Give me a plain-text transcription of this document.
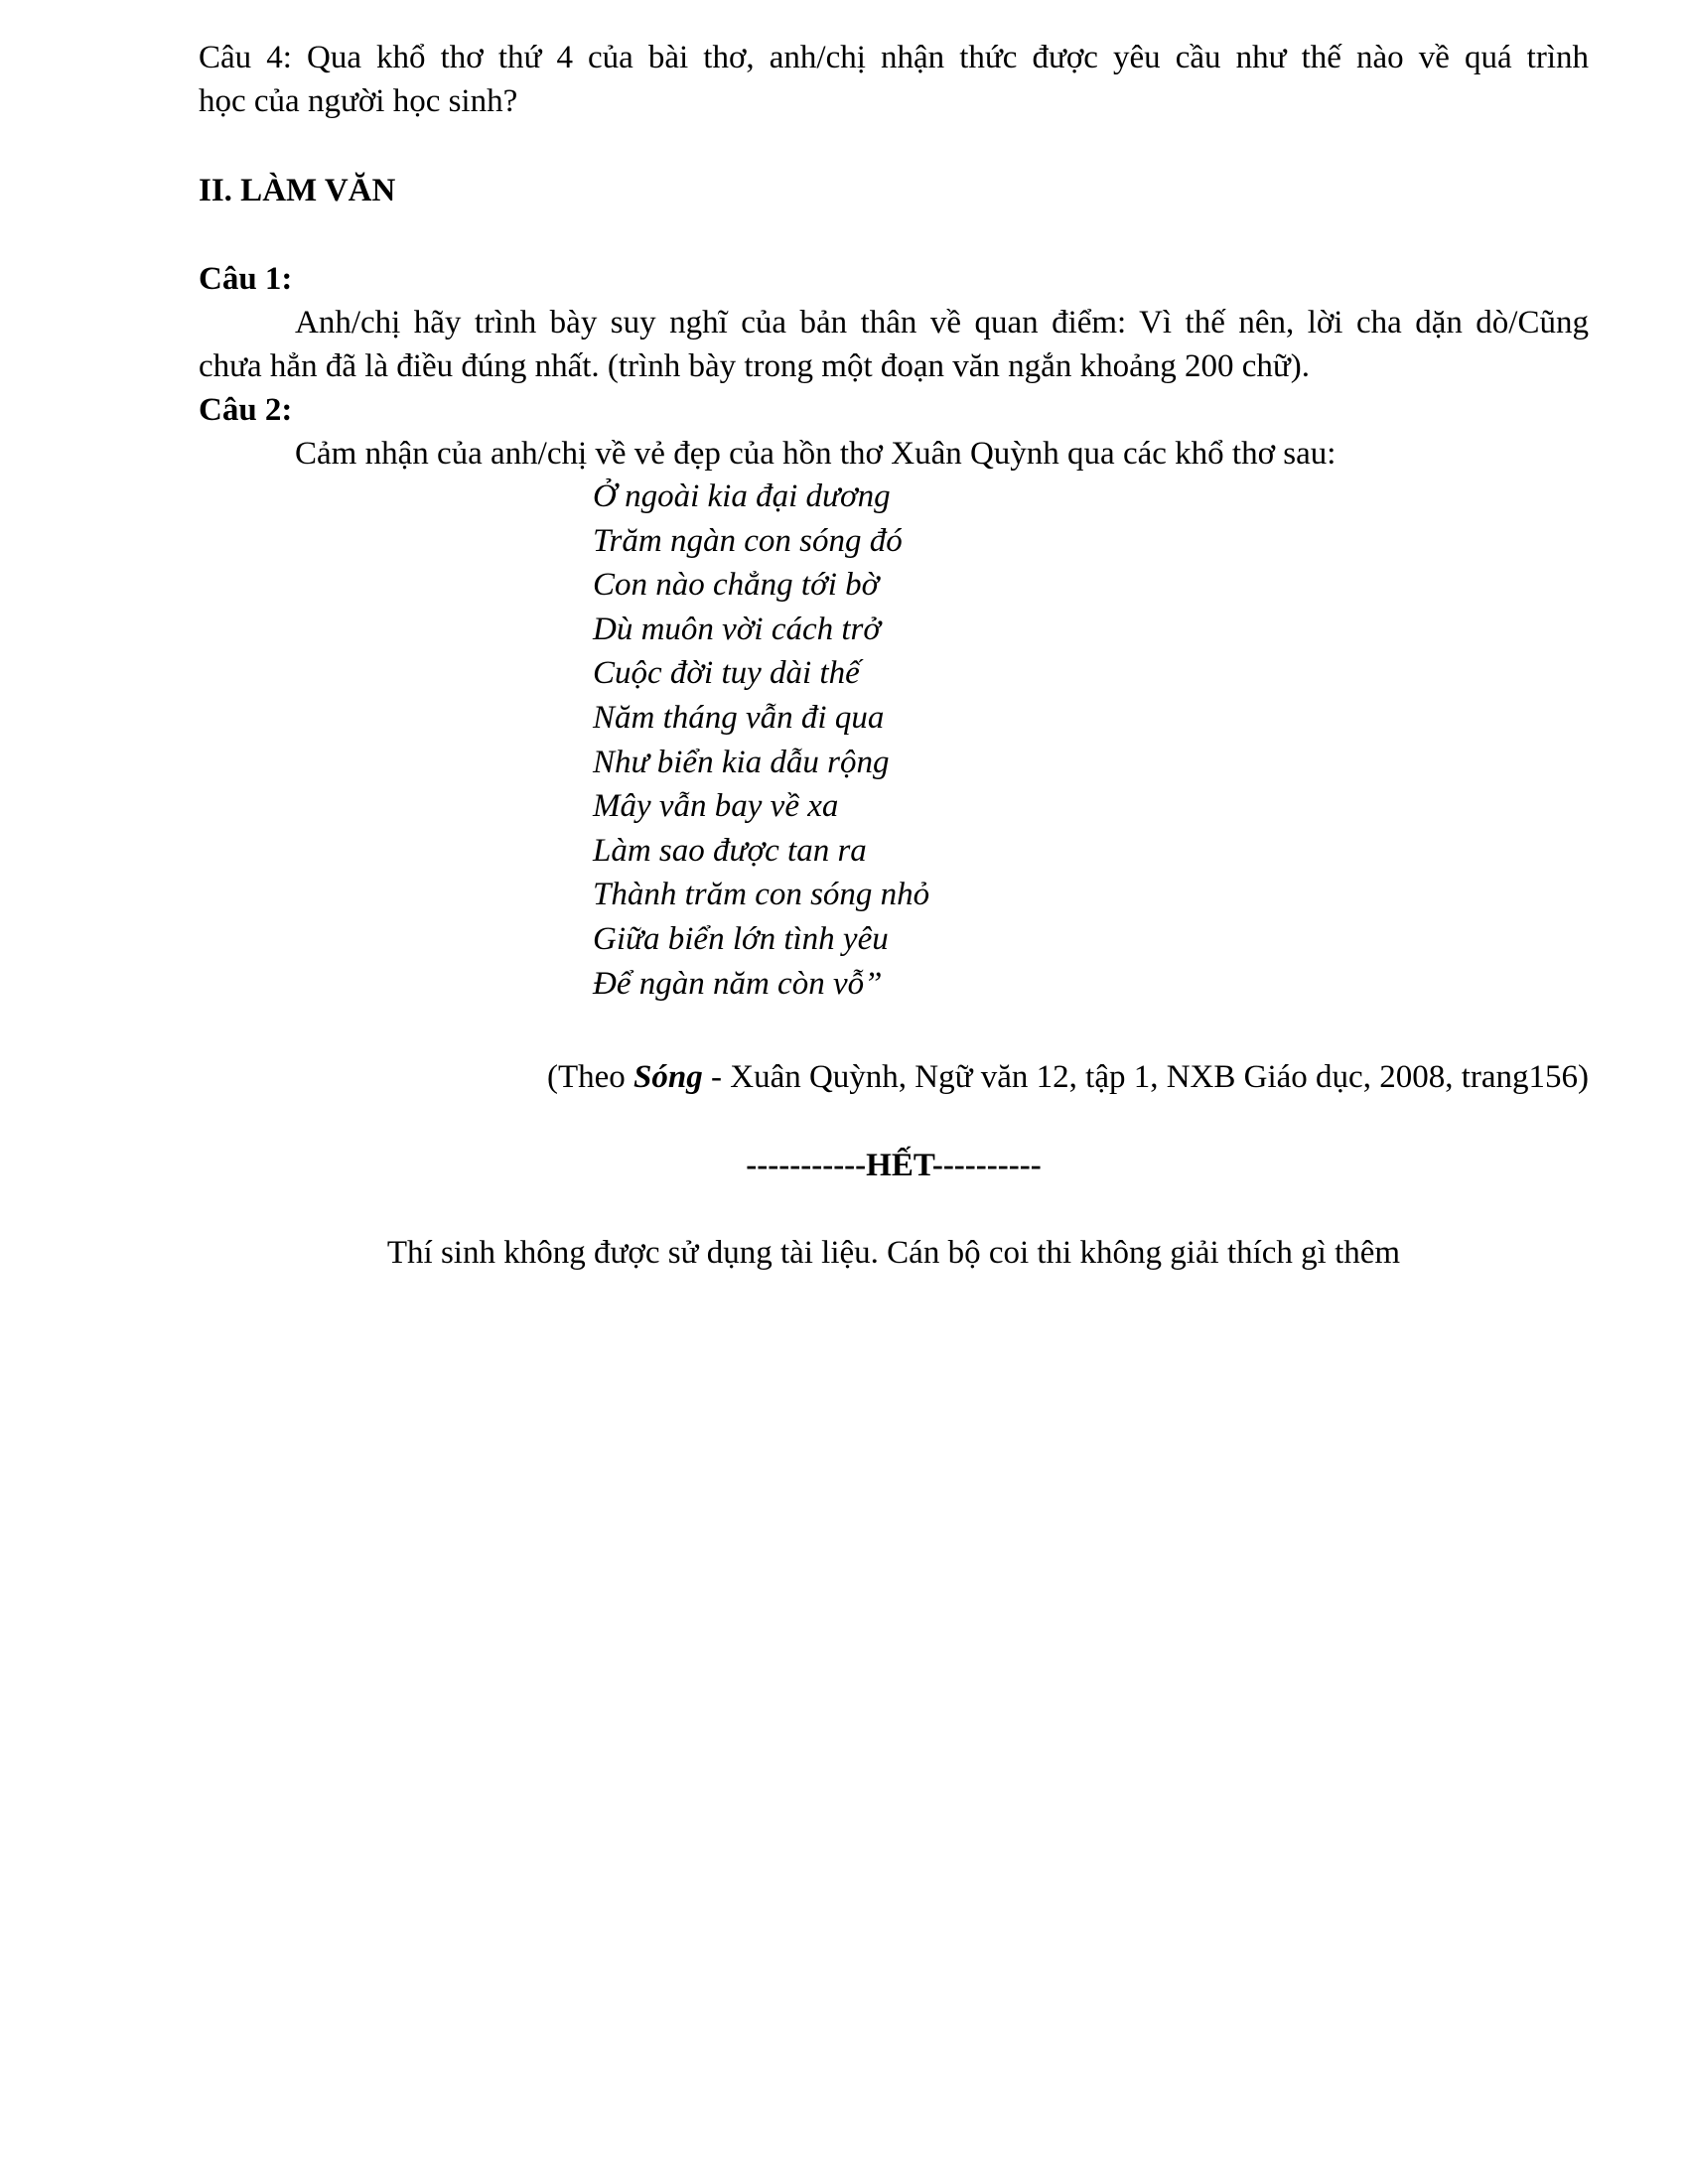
Câu 4: Qua khổ thơ thứ 4 của bài thơ, anh/chị nhận thức được yêu cầu như thế nào về quá trình
học của người học sinh?
II. LÀM VĂN
Câu 1:
Anh/chị hãy trình bày suy nghĩ của bản thân về quan điểm: Vì thế nên, lời cha dặn dò/Cũng
chưa hẳn đã là điều đúng nhất. (trình bày trong một đoạn văn ngắn khoảng 200 chữ).
Câu 2:
Cảm nhận của anh/chị về vẻ đẹp của hồn thơ Xuân Quỳnh qua các khổ thơ sau:
Ở ngoài kia đại dương
Trăm ngàn con sóng đó
Con nào chẳng tới bờ
Dù muôn vời cách trở
Cuộc đời tuy dài thế
Năm tháng vẫn đi qua
Như biển kia dẫu rộng
Mây vẫn bay về xa
Làm sao được tan ra
Thành trăm con sóng nhỏ
Giữa biển lớn tình yêu
Để ngàn năm còn vỗ”
(Theo Sóng - Xuân Quỳnh, Ngữ văn 12, tập 1, NXB Giáo dục, 2008, trang156)
-----------HẾT----------
Thí sinh không được sử dụng tài liệu. Cán bộ coi thi không giải thích gì thêm
